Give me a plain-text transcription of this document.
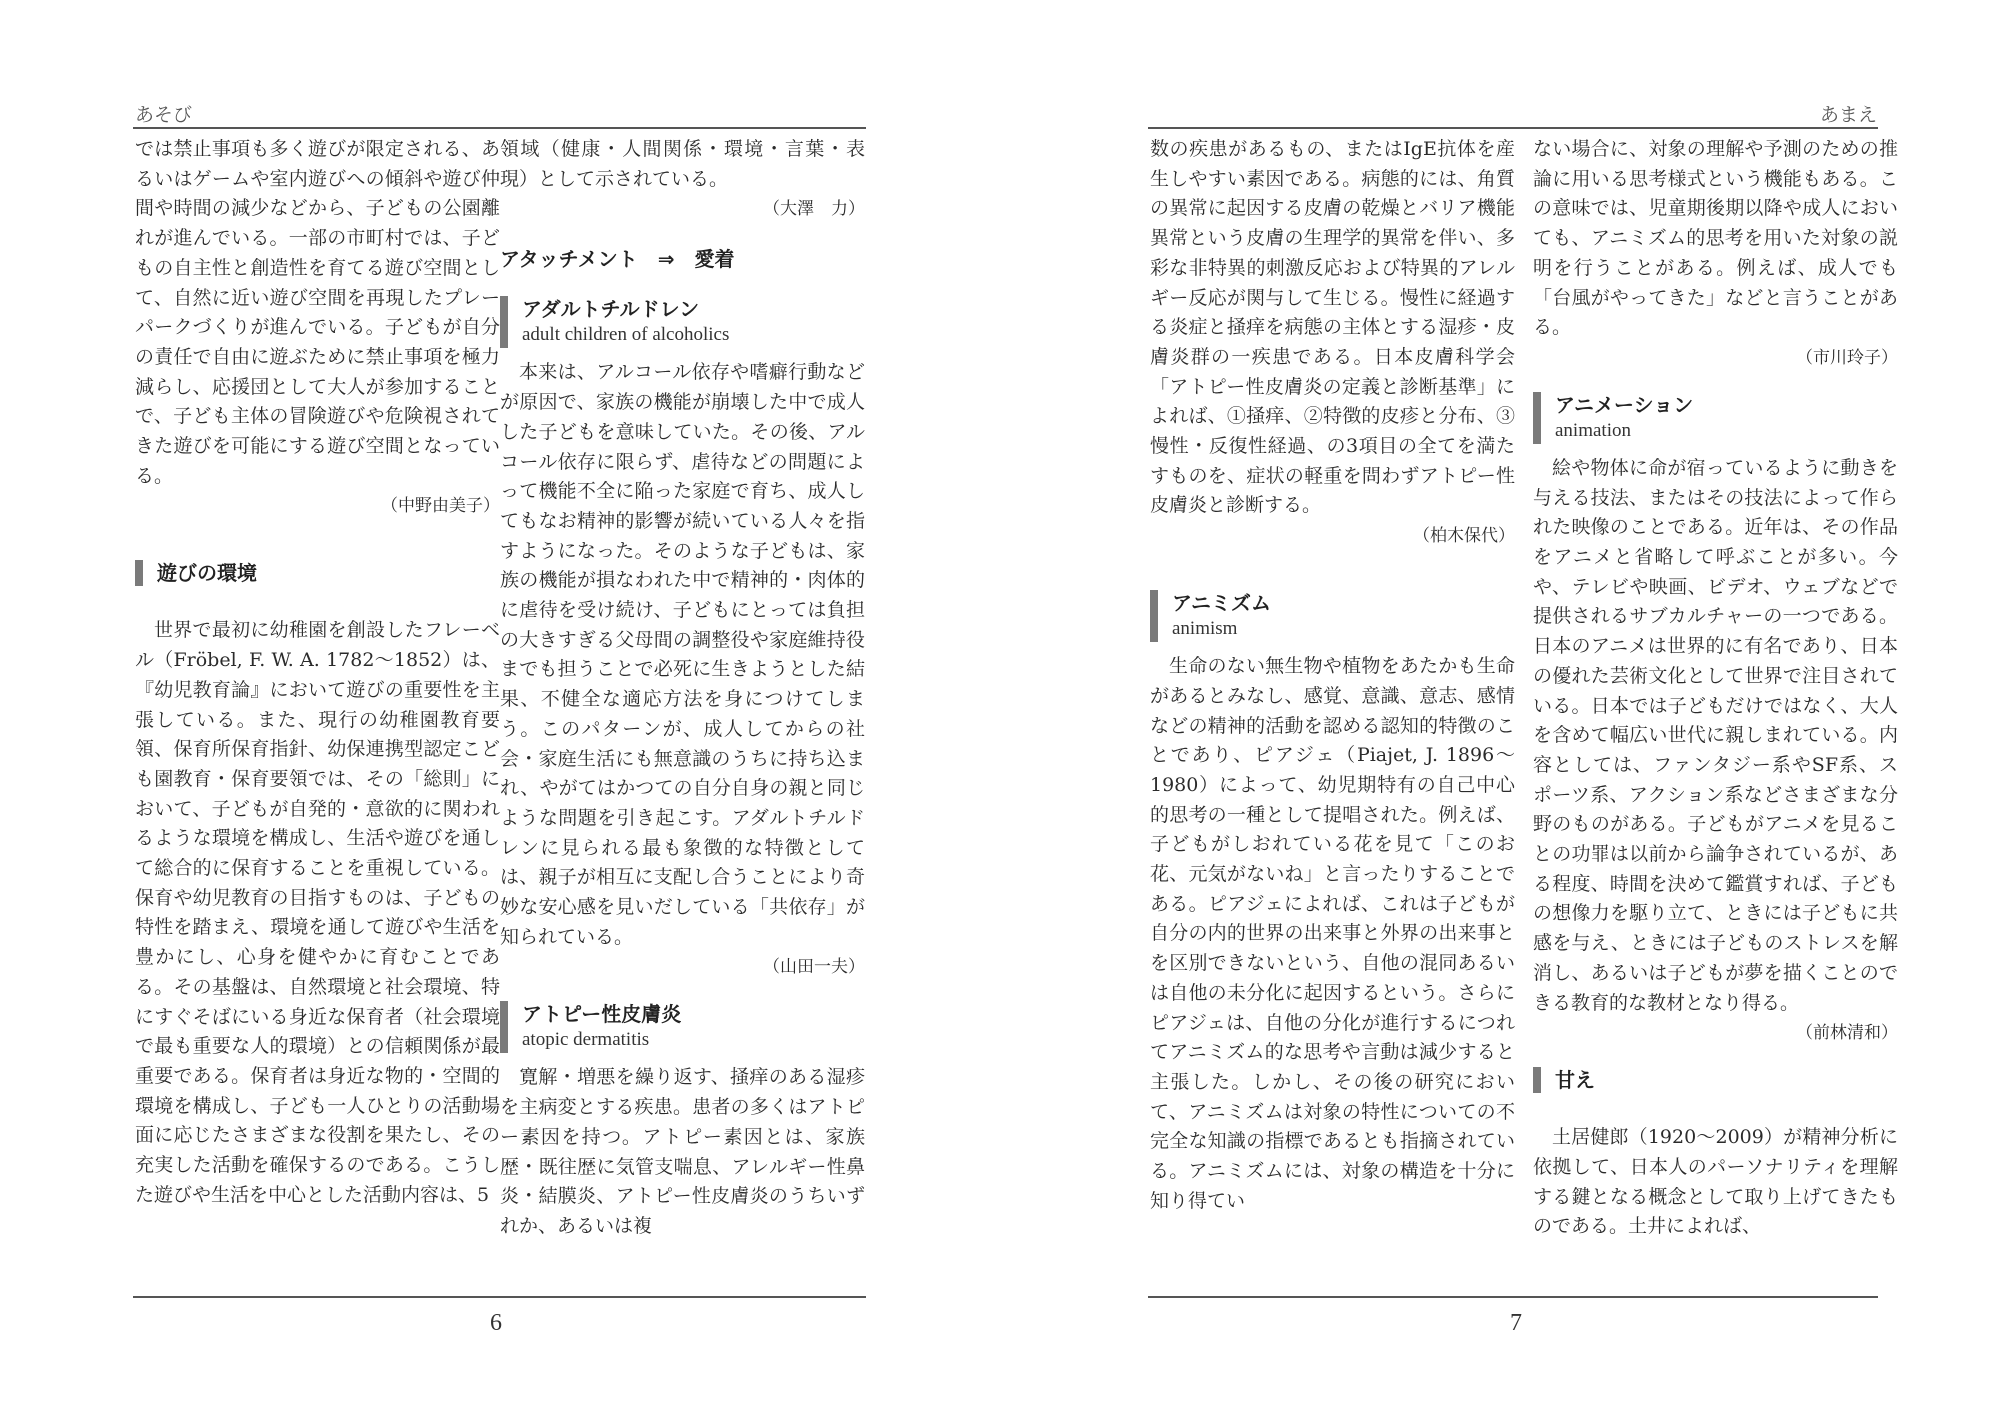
あそび

では禁止事項も多く遊びが限定される、あるいはゲームや室内遊びへの傾斜や遊び仲間や時間の減少などから、子どもの公園離れが進んでいる。一部の市町村では、子どもの自主性と創造性を育てる遊び空間として、自然に近い遊び空間を再現したプレーパークづくりが進んでいる。子どもが自分の責任で自由に遊ぶために禁止事項を極力減らし、応援団として大人が参加することで、子ども主体の冒険遊びや危険視されてきた遊びを可能にする遊び空間となっている。

（中野由美子）
遊びの環境

世界で最初に幼稚園を創設したフレーベル（Fröbel, F. W. A. 1782〜1852）は、『幼児教育論』において遊びの重要性を主張している。また、現行の幼稚園教育要領、保育所保育指針、幼保連携型認定こども園教育・保育要領では、その「総則」において、子どもが自発的・意欲的に関われるような環境を構成し、生活や遊びを通して総合的に保育することを重視している。保育や幼児教育の目指すものは、子どもの特性を踏まえ、環境を通して遊びや生活を豊かにし、心身を健やかに育むことである。その基盤は、自然環境と社会環境、特にすぐそばにいる身近な保育者（社会環境で最も重要な人的環境）との信頼関係が最重要である。保育者は身近な物的・空間的環境を構成し、子ども一人ひとりの活動場面に応じたさまざまな役割を果たし、その充実した活動を確保するのである。こうした遊びや生活を中心とした活動内容は、5

領域（健康・人間関係・環境・言葉・表現）として示されている。

（大澤　力）
アタッチメント　⇒　愛着
アダルトチルドレン
adult children of alcoholics

本来は、アルコール依存や嗜癖行動などが原因で、家族の機能が崩壊した中で成人した子どもを意味していた。その後、アルコール依存に限らず、虐待などの問題によって機能不全に陥った家庭で育ち、成人してもなお精神的影響が続いている人々を指すようになった。そのような子どもは、家族の機能が損なわれた中で精神的・肉体的に虐待を受け続け、子どもにとっては負担の大きすぎる父母間の調整役や家庭維持役までも担うことで必死に生きようとした結果、不健全な適応方法を身につけてしまう。このパターンが、成人してからの社会・家庭生活にも無意識のうちに持ち込まれ、やがてはかつての自分自身の親と同じような問題を引き起こす。アダルトチルドレンに見られる最も象徴的な特徴としては、親子が相互に支配し合うことにより奇妙な安心感を見いだしている「共依存」が知られている。

（山田一夫）
アトピー性皮膚炎
atopic dermatitis

寛解・増悪を繰り返す、掻痒のある湿疹を主病変とする疾患。患者の多くはアトピー素因を持つ。アトピー素因とは、家族歴・既往歴に気管支喘息、アレルギー性鼻炎・結膜炎、アトピー性皮膚炎のうちいずれか、あるいは複

6
あまえ

数の疾患があるもの、またはIgE抗体を産生しやすい素因である。病態的には、角質の異常に起因する皮膚の乾燥とバリア機能異常という皮膚の生理学的異常を伴い、多彩な非特異的刺激反応および特異的アレルギー反応が関与して生じる。慢性に経過する炎症と掻痒を病態の主体とする湿疹・皮膚炎群の一疾患である。日本皮膚科学会「アトピー性皮膚炎の定義と診断基準」によれば、①掻痒、②特徴的皮疹と分布、③慢性・反復性経過、の3項目の全てを満たすものを、症状の軽重を問わずアトピー性皮膚炎と診断する。

（柏木保代）
アニミズム
animism

生命のない無生物や植物をあたかも生命があるとみなし、感覚、意識、意志、感情などの精神的活動を認める認知的特徴のことであり、ピアジェ（Piajet, J. 1896〜1980）によって、幼児期特有の自己中心的思考の一種として提唱された。例えば、子どもがしおれている花を見て「このお花、元気がないね」と言ったりすることである。ピアジェによれば、これは子どもが自分の内的世界の出来事と外界の出来事とを区別できないという、自他の混同あるいは自他の未分化に起因するという。さらにピアジェは、自他の分化が進行するにつれてアニミズム的な思考や言動は減少すると主張した。しかし、その後の研究において、アニミズムは対象の特性についての不完全な知識の指標であるとも指摘されている。アニミズムには、対象の構造を十分に知り得てい

ない場合に、対象の理解や予測のための推論に用いる思考様式という機能もある。この意味では、児童期後期以降や成人においても、アニミズム的思考を用いた対象の説明を行うことがある。例えば、成人でも「台風がやってきた」などと言うことがある。

（市川玲子）
アニメーション
animation

絵や物体に命が宿っているように動きを与える技法、またはその技法によって作られた映像のことである。近年は、その作品をアニメと省略して呼ぶことが多い。今や、テレビや映画、ビデオ、ウェブなどで提供されるサブカルチャーの一つである。日本のアニメは世界的に有名であり、日本の優れた芸術文化として世界で注目されている。日本では子どもだけではなく、大人を含めて幅広い世代に親しまれている。内容としては、ファンタジー系やSF系、スポーツ系、アクション系などさまざまな分野のものがある。子どもがアニメを見ることの功罪は以前から論争されているが、ある程度、時間を決めて鑑賞すれば、子どもの想像力を駆り立て、ときには子どもに共感を与え、ときには子どものストレスを解消し、あるいは子どもが夢を描くことのできる教育的な教材となり得る。

（前林清和）
甘え

土居健郎（1920〜2009）が精神分析に依拠して、日本人のパーソナリティを理解する鍵となる概念として取り上げてきたものである。土井によれば、

7
